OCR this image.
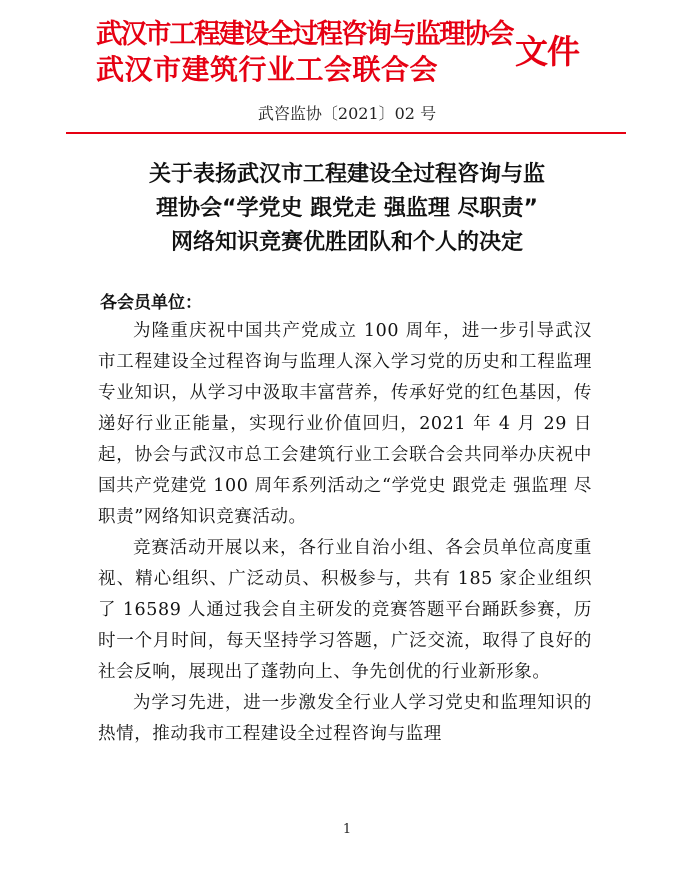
武汉市工程建设全过程咨询与监理协会
武汉市建筑行业工会联合会 文件
武咨监协〔2021〕02 号
关于表扬武汉市工程建设全过程咨询与监
理协会“学党史 跟党走 强监理 尽职责”
网络知识竞赛优胜团队和个人的决定
各会员单位：

为隆重庆祝中国共产党成立 100 周年，进一步引导武汉市工程建设全过程咨询与监理人深入学习党的历史和工程监理专业知识，从学习中汲取丰富营养，传承好党的红色基因，传递好行业正能量，实现行业价值回归，2021 年 4 月 29 日起，协会与武汉市总工会建筑行业工会联合会共同举办庆祝中国共产党建党 100 周年系列活动之“学党史 跟党走 强监理 尽职责”网络知识竞赛活动。

竞赛活动开展以来，各行业自治小组、各会员单位高度重视、精心组织、广泛动员、积极参与，共有 185 家企业组织了 16589 人通过我会自主研发的竞赛答题平台踊跃参赛，历时一个月时间，每天坚持学习答题，广泛交流，取得了良好的社会反响，展现出了蓬勃向上、争先创优的行业新形象。

为学习先进，进一步激发全行业人学习党史和监理知识的热情，推动我市工程建设全过程咨询与监理

1
